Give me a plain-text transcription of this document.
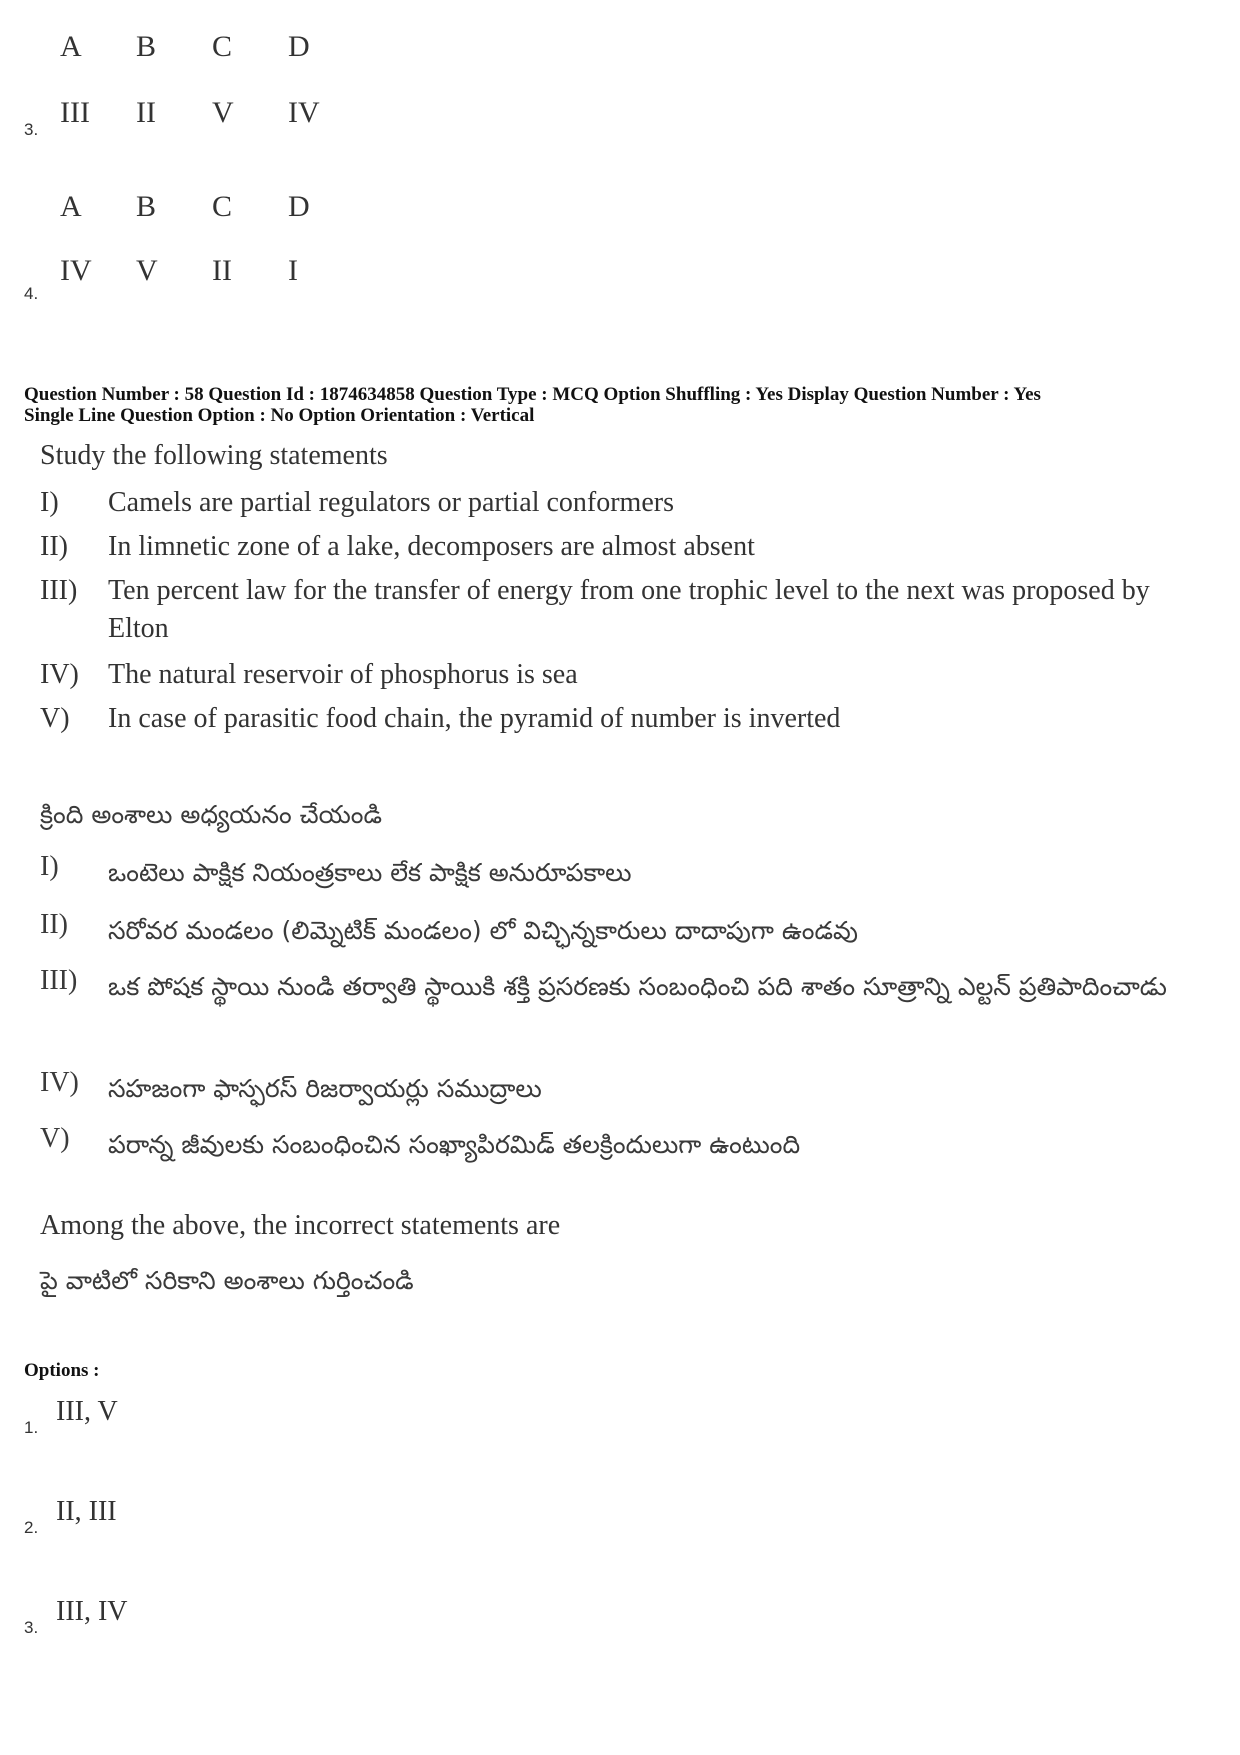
A	B	C	D
III	II	V	IV
3.
A	B	C	D
IV	V	II	I
4.
Question Number : 58 Question Id : 1874634858 Question Type : MCQ Option Shuffling : Yes Display Question Number : Yes
Single Line Question Option : No Option Orientation : Vertical
Study the following statements
I) Camels are partial regulators or partial conformers
II) In limnetic zone of a lake, decomposers are almost absent
III) Ten percent law for the transfer of energy from one trophic level to the next was proposed by Elton
IV) The natural reservoir of phosphorus is sea
V) In case of parasitic food chain, the pyramid of number is inverted
క్రింది అంశాలు అధ్యయనం చేయండి
I) ఒంటెలు పాక్షిక నియంత్రకాలు లేక పాక్షిక అనురూపకాలు
II) సరోవర మండలం (లిమ్నెటిక్ మండలం) లో విచ్ఛిన్నకారులు దాదాపుగా ఉండవు
III) ఒక పోషక స్థాయి నుండి తర్వాతి స్థాయికి శక్తి ప్రసరణకు సంబంధించి పది శాతం సూత్రాన్ని ఎల్టన్ ప్రతిపాదించాడు
IV) సహజంగా ఫాస్ఫరస్ రిజర్వాయర్లు సముద్రాలు
V) పరాన్న జీవులకు సంబంధించిన సంఖ్యాపిరమిడ్ తలక్రిందులుగా ఉంటుంది
Among the above, the incorrect statements are
పై వాటిలో సరికాని అంశాలు గుర్తించండి
Options :
III, V
1.
II, III
2.
III, IV
3.
